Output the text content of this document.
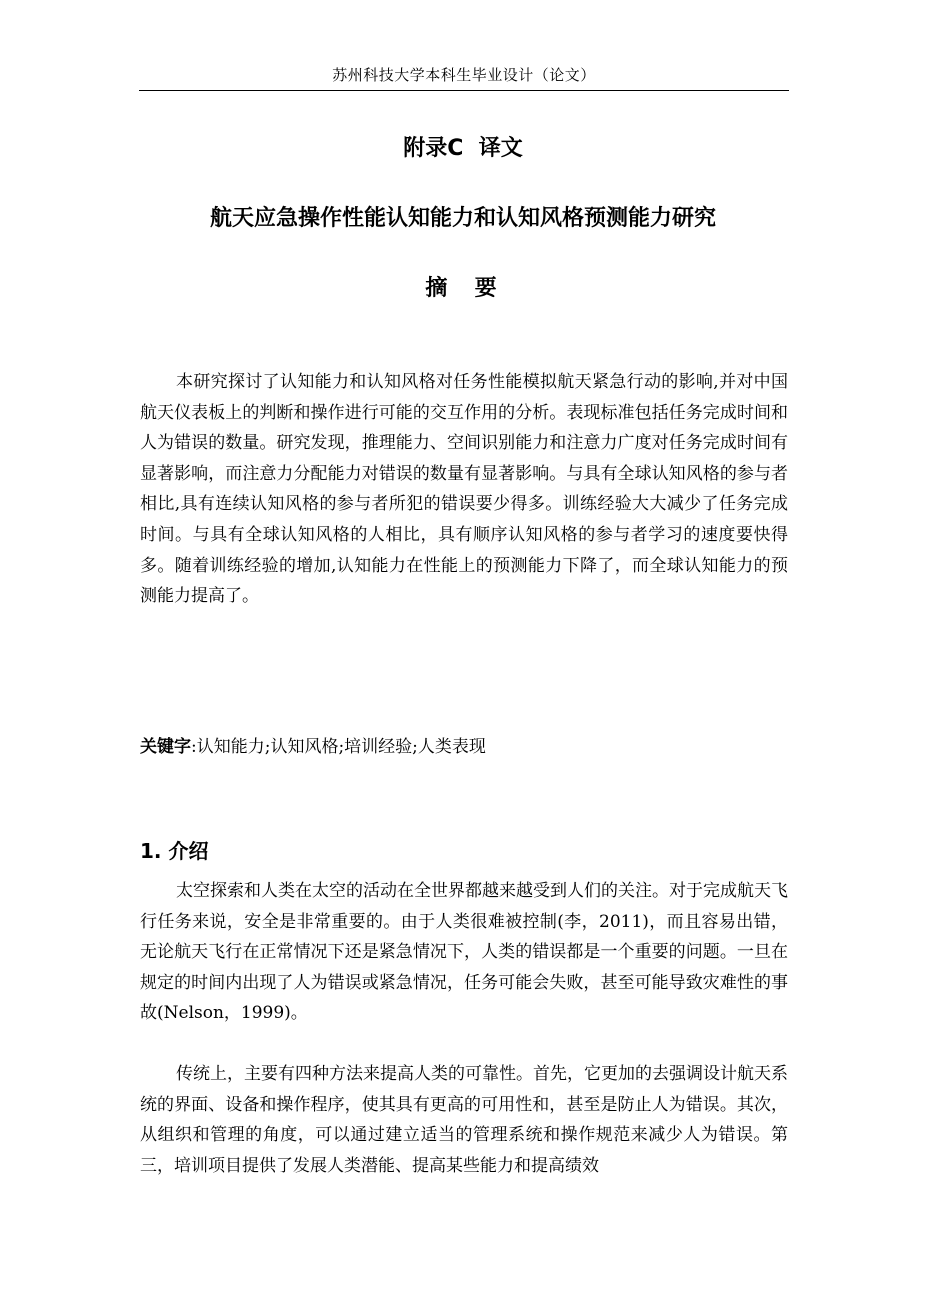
苏州科技大学本科生毕业设计（论文）
附录C  译文
航天应急操作性能认知能力和认知风格预测能力研究
摘  要

本研究探讨了认知能力和认知风格对任务性能模拟航天紧急行动的影响,并对中国航天仪表板上的判断和操作进行可能的交互作用的分析。表现标准包括任务完成时间和人为错误的数量。研究发现，推理能力、空间识别能力和注意力广度对任务完成时间有显著影响，而注意力分配能力对错误的数量有显著影响。与具有全球认知风格的参与者相比,具有连续认知风格的参与者所犯的错误要少得多。训练经验大大减少了任务完成时间。与具有全球认知风格的人相比，具有顺序认知风格的参与者学习的速度要快得多。随着训练经验的增加,认知能力在性能上的预测能力下降了，而全球认知能力的预测能力提高了。

关键字:认知能力;认知风格;培训经验;人类表现
1. 介绍

太空探索和人类在太空的活动在全世界都越来越受到人们的关注。对于完成航天飞行任务来说，安全是非常重要的。由于人类很难被控制(李，2011)，而且容易出错，无论航天飞行在正常情况下还是紧急情况下，人类的错误都是一个重要的问题。一旦在规定的时间内出现了人为错误或紧急情况，任务可能会失败，甚至可能导致灾难性的事故(Nelson，1999)。

传统上，主要有四种方法来提高人类的可靠性。首先，它更加的去强调设计航天系统的界面、设备和操作程序，使其具有更高的可用性和，甚至是防止人为错误。其次，从组织和管理的角度，可以通过建立适当的管理系统和操作规范来减少人为错误。第三，培训项目提供了发展人类潜能、提高某些能力和提高绩效
